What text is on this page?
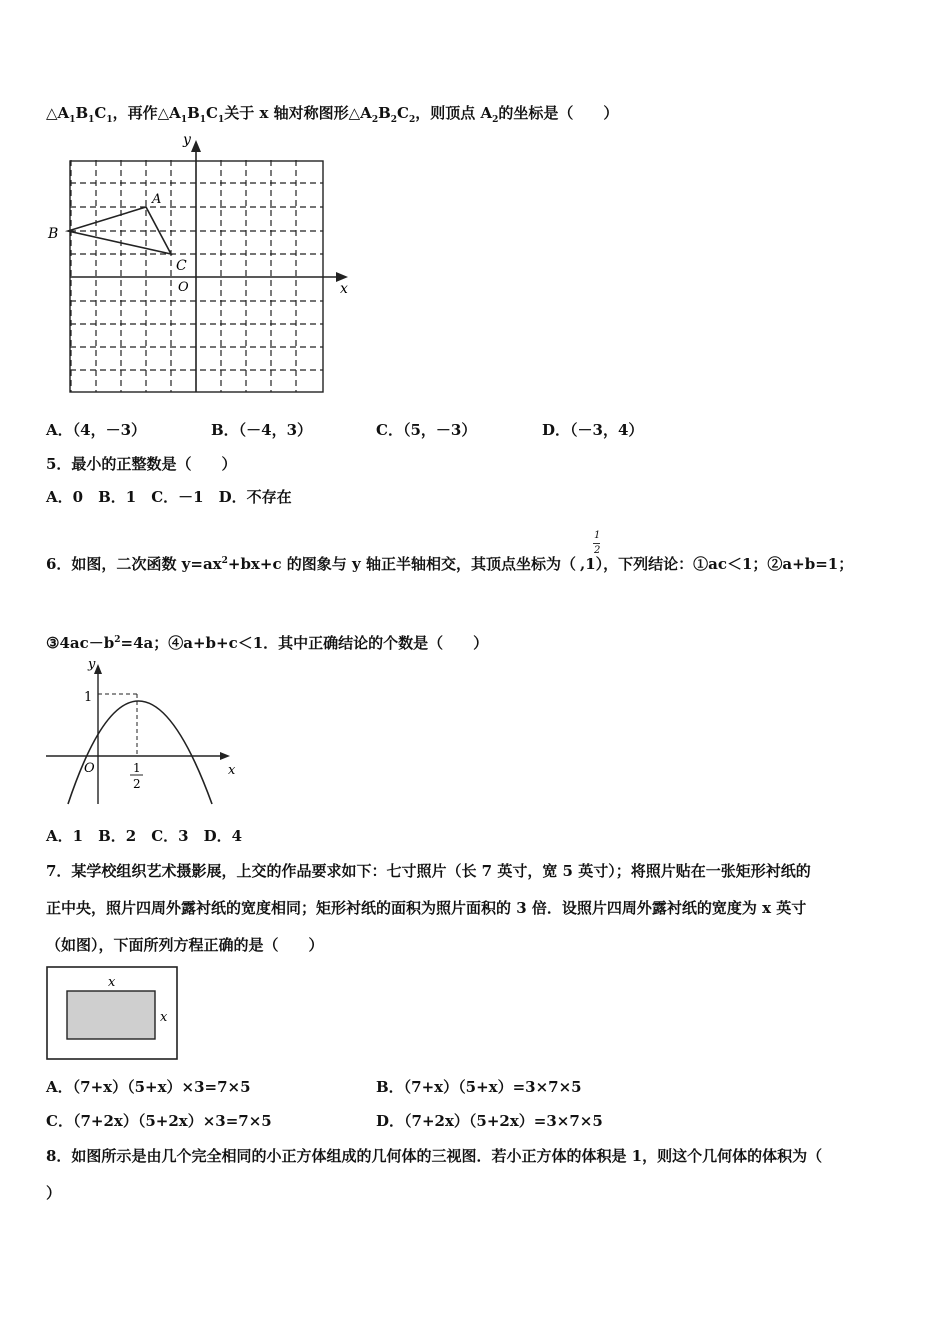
$\triangle A_1B_1C_1$，再作$\triangle A_1B_1C_1$关于 x 轴对称图形$\triangle A_2B_2C_2$，则顶点 $A_2$的坐标是（　　）
y
x
O
A
B
C
A．（4，－3）	B．（－4，3）	C．（5，－3）	D．（－3，4）
5．最小的正整数是（　　）
A．0　B．1　C．－1　D．不存在
1
2
6．如图，二次函数 $y=ax^2+bx+c$ 的图象与 y 轴正半轴相交，其顶点坐标为（ ,1），下列结论：①ac＜1；②a+b=1；
$③4ac-b^2=4a$；④a+b+c＜1．其中正确结论的个数是（　　）
y
x
O
1
1
2
A．1　B．2　C．3　D．4
7．某学校组织艺术摄影展，上交的作品要求如下：七寸照片（长 7 英寸，宽 5 英寸）；将照片贴在一张矩形衬纸的
正中央，照片四周外露衬纸的宽度相同；矩形衬纸的面积为照片面积的 3 倍．设照片四周外露衬纸的宽度为 x 英寸
（如图），下面所列方程正确的是（　　）
x
x
A．（7+x）（5+x）×3=7×5	B．（7+x）（5+x）=3×7×5
C．（7+2x）（5+2x）×3=7×5	D．（7+2x）（5+2x）=3×7×5
8．如图所示是由几个完全相同的小正方体组成的几何体的三视图．若小正方体的体积是 1，则这个几何体的体积为（
）
